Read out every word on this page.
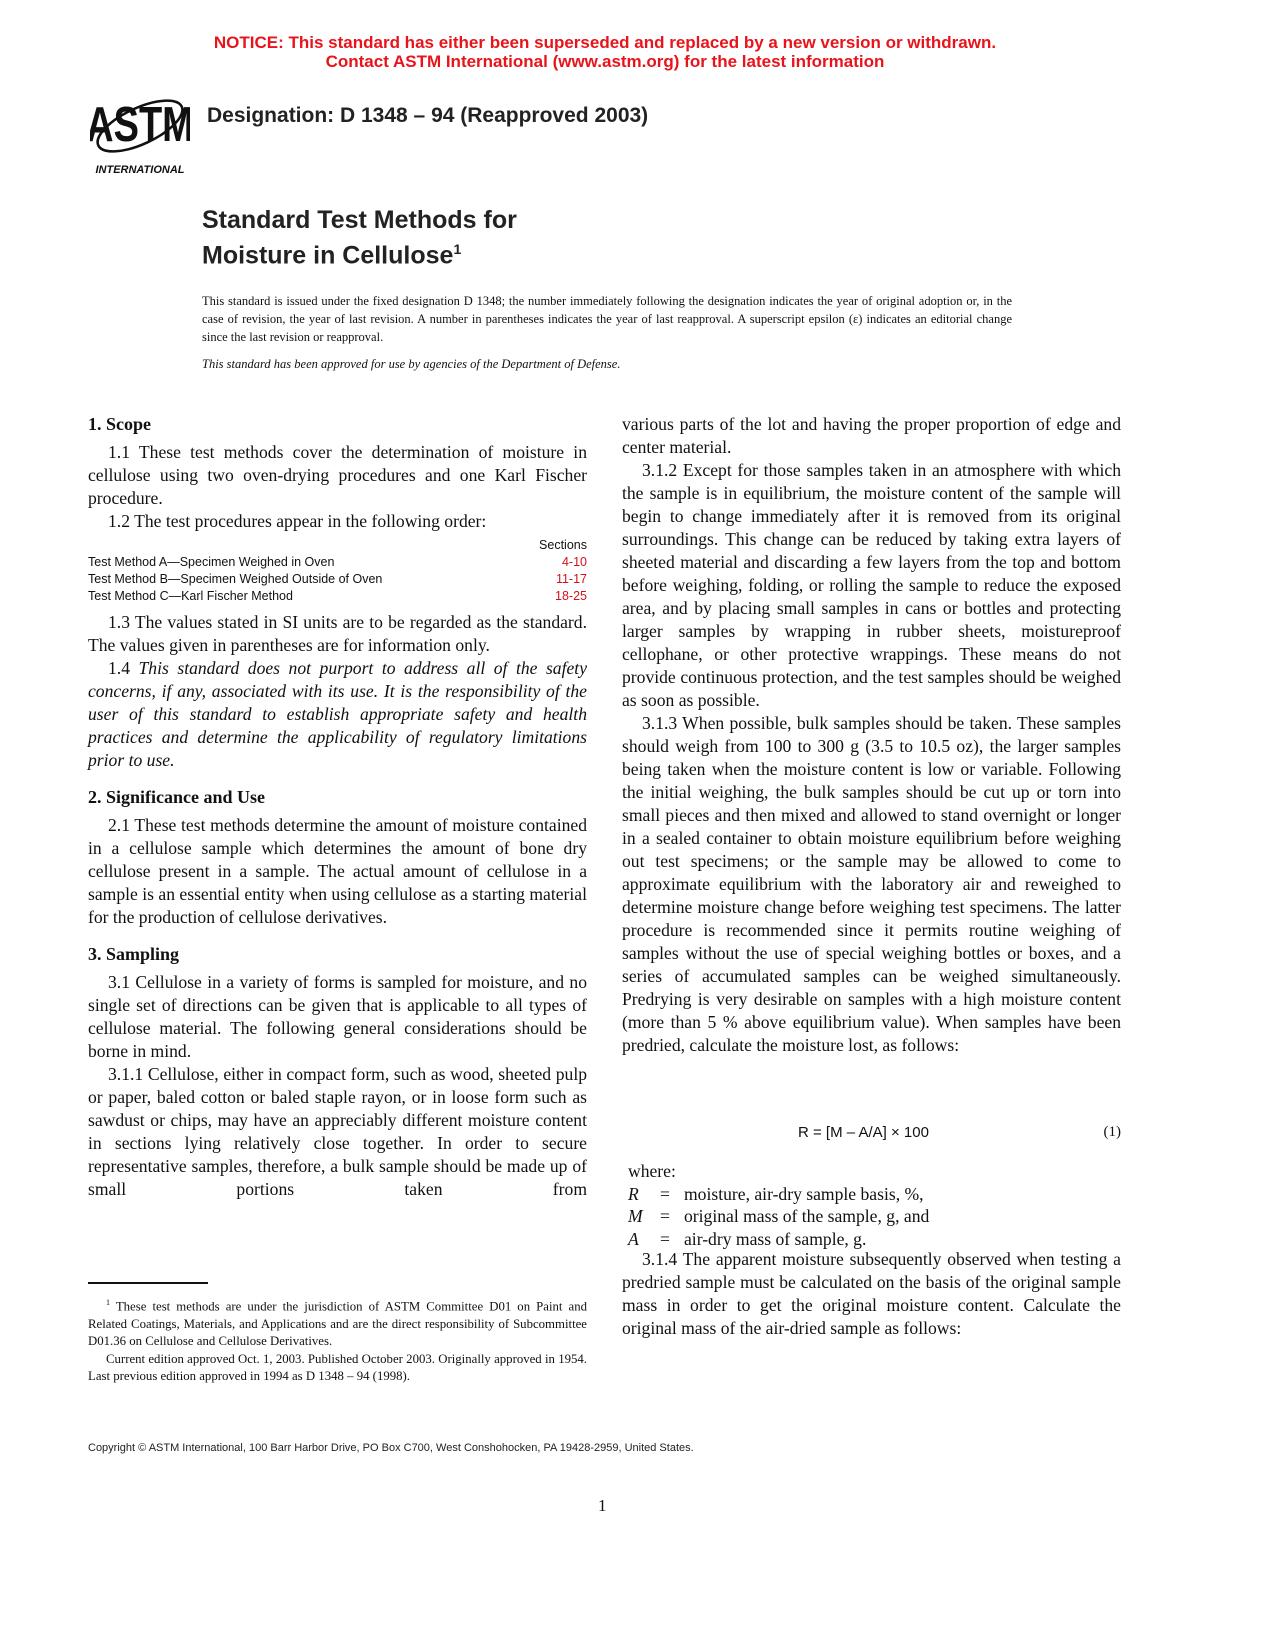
NOTICE: This standard has either been superseded and replaced by a new version or withdrawn.
Contact ASTM International (www.astm.org) for the latest information
ASTM
INTERNATIONAL
Designation: D 1348 – 94 (Reapproved 2003)
Standard Test Methods for
Moisture in Cellulose$^1$
This standard is issued under the fixed designation D 1348; the number immediately following the designation indicates the year of original adoption or, in the case of revision, the year of last revision. A number in parentheses indicates the year of last reapproval. A superscript epsilon (ε) indicates an editorial change since the last revision or reapproval.
This standard has been approved for use by agencies of the Department of Defense.
1. Scope

1.1 These test methods cover the determination of moisture in cellulose using two oven-drying procedures and one Karl Fischer procedure.

1.2 The test procedures appear in the following order:

Sections
Test Method A—Specimen Weighed in Oven	4-10
Test Method B—Specimen Weighed Outside of Oven	11-17
Test Method C—Karl Fischer Method	18-25

1.3 The values stated in SI units are to be regarded as the standard. The values given in parentheses are for information only.

1.4 This standard does not purport to address all of the safety concerns, if any, associated with its use. It is the responsibility of the user of this standard to establish appropriate safety and health practices and determine the applicability of regulatory limitations prior to use.

2. Significance and Use

2.1 These test methods determine the amount of moisture contained in a cellulose sample which determines the amount of bone dry cellulose present in a sample. The actual amount of cellulose in a sample is an essential entity when using cellulose as a starting material for the production of cellulose derivatives.

3. Sampling

3.1 Cellulose in a variety of forms is sampled for moisture, and no single set of directions can be given that is applicable to all types of cellulose material. The following general considerations should be borne in mind.

3.1.1 Cellulose, either in compact form, such as wood, sheeted pulp or paper, baled cotton or baled staple rayon, or in loose form such as sawdust or chips, may have an appreciably different moisture content in sections lying relatively close together. In order to secure representative samples, therefore, a bulk sample should be made up of small portions taken from

$^1$ These test methods are under the jurisdiction of ASTM Committee D01 on Paint and Related Coatings, Materials, and Applications and are the direct responsibility of Subcommittee D01.36 on Cellulose and Cellulose Derivatives.

Current edition approved Oct. 1, 2003. Published October 2003. Originally approved in 1954. Last previous edition approved in 1994 as D 1348 – 94 (1998).

various parts of the lot and having the proper proportion of edge and center material.

3.1.2 Except for those samples taken in an atmosphere with which the sample is in equilibrium, the moisture content of the sample will begin to change immediately after it is removed from its original surroundings. This change can be reduced by taking extra layers of sheeted material and discarding a few layers from the top and bottom before weighing, folding, or rolling the sample to reduce the exposed area, and by placing small samples in cans or bottles and protecting larger samples by wrapping in rubber sheets, moistureproof cellophane, or other protective wrappings. These means do not provide continuous protection, and the test samples should be weighed as soon as possible.

3.1.3 When possible, bulk samples should be taken. These samples should weigh from 100 to 300 g (3.5 to 10.5 oz), the larger samples being taken when the moisture content is low or variable. Following the initial weighing, the bulk samples should be cut up or torn into small pieces and then mixed and allowed to stand overnight or longer in a sealed container to obtain moisture equilibrium before weighing out test specimens; or the sample may be allowed to come to approximate equilibrium with the laboratory air and reweighed to determine moisture change before weighing test specimens. The latter procedure is recommended since it permits routine weighing of samples without the use of special weighing bottles or boxes, and a series of accumulated samples can be weighed simultaneously. Predrying is very desirable on samples with a high moisture content (more than 5 % above equilibrium value). When samples have been predried, calculate the moisture lost, as follows:

R = [M – A/A] × 100	(1)
where:
R	= moisture, air-dry sample basis, %,
M = original mass of the sample, g, and
A	= air-dry mass of sample, g.

3.1.4 The apparent moisture subsequently observed when testing a predried sample must be calculated on the basis of the original sample mass in order to get the original moisture content. Calculate the original mass of the air-dried sample as follows:

Copyright © ASTM International, 100 Barr Harbor Drive, PO Box C700, West Conshohocken, PA 19428-2959, United States.
1
